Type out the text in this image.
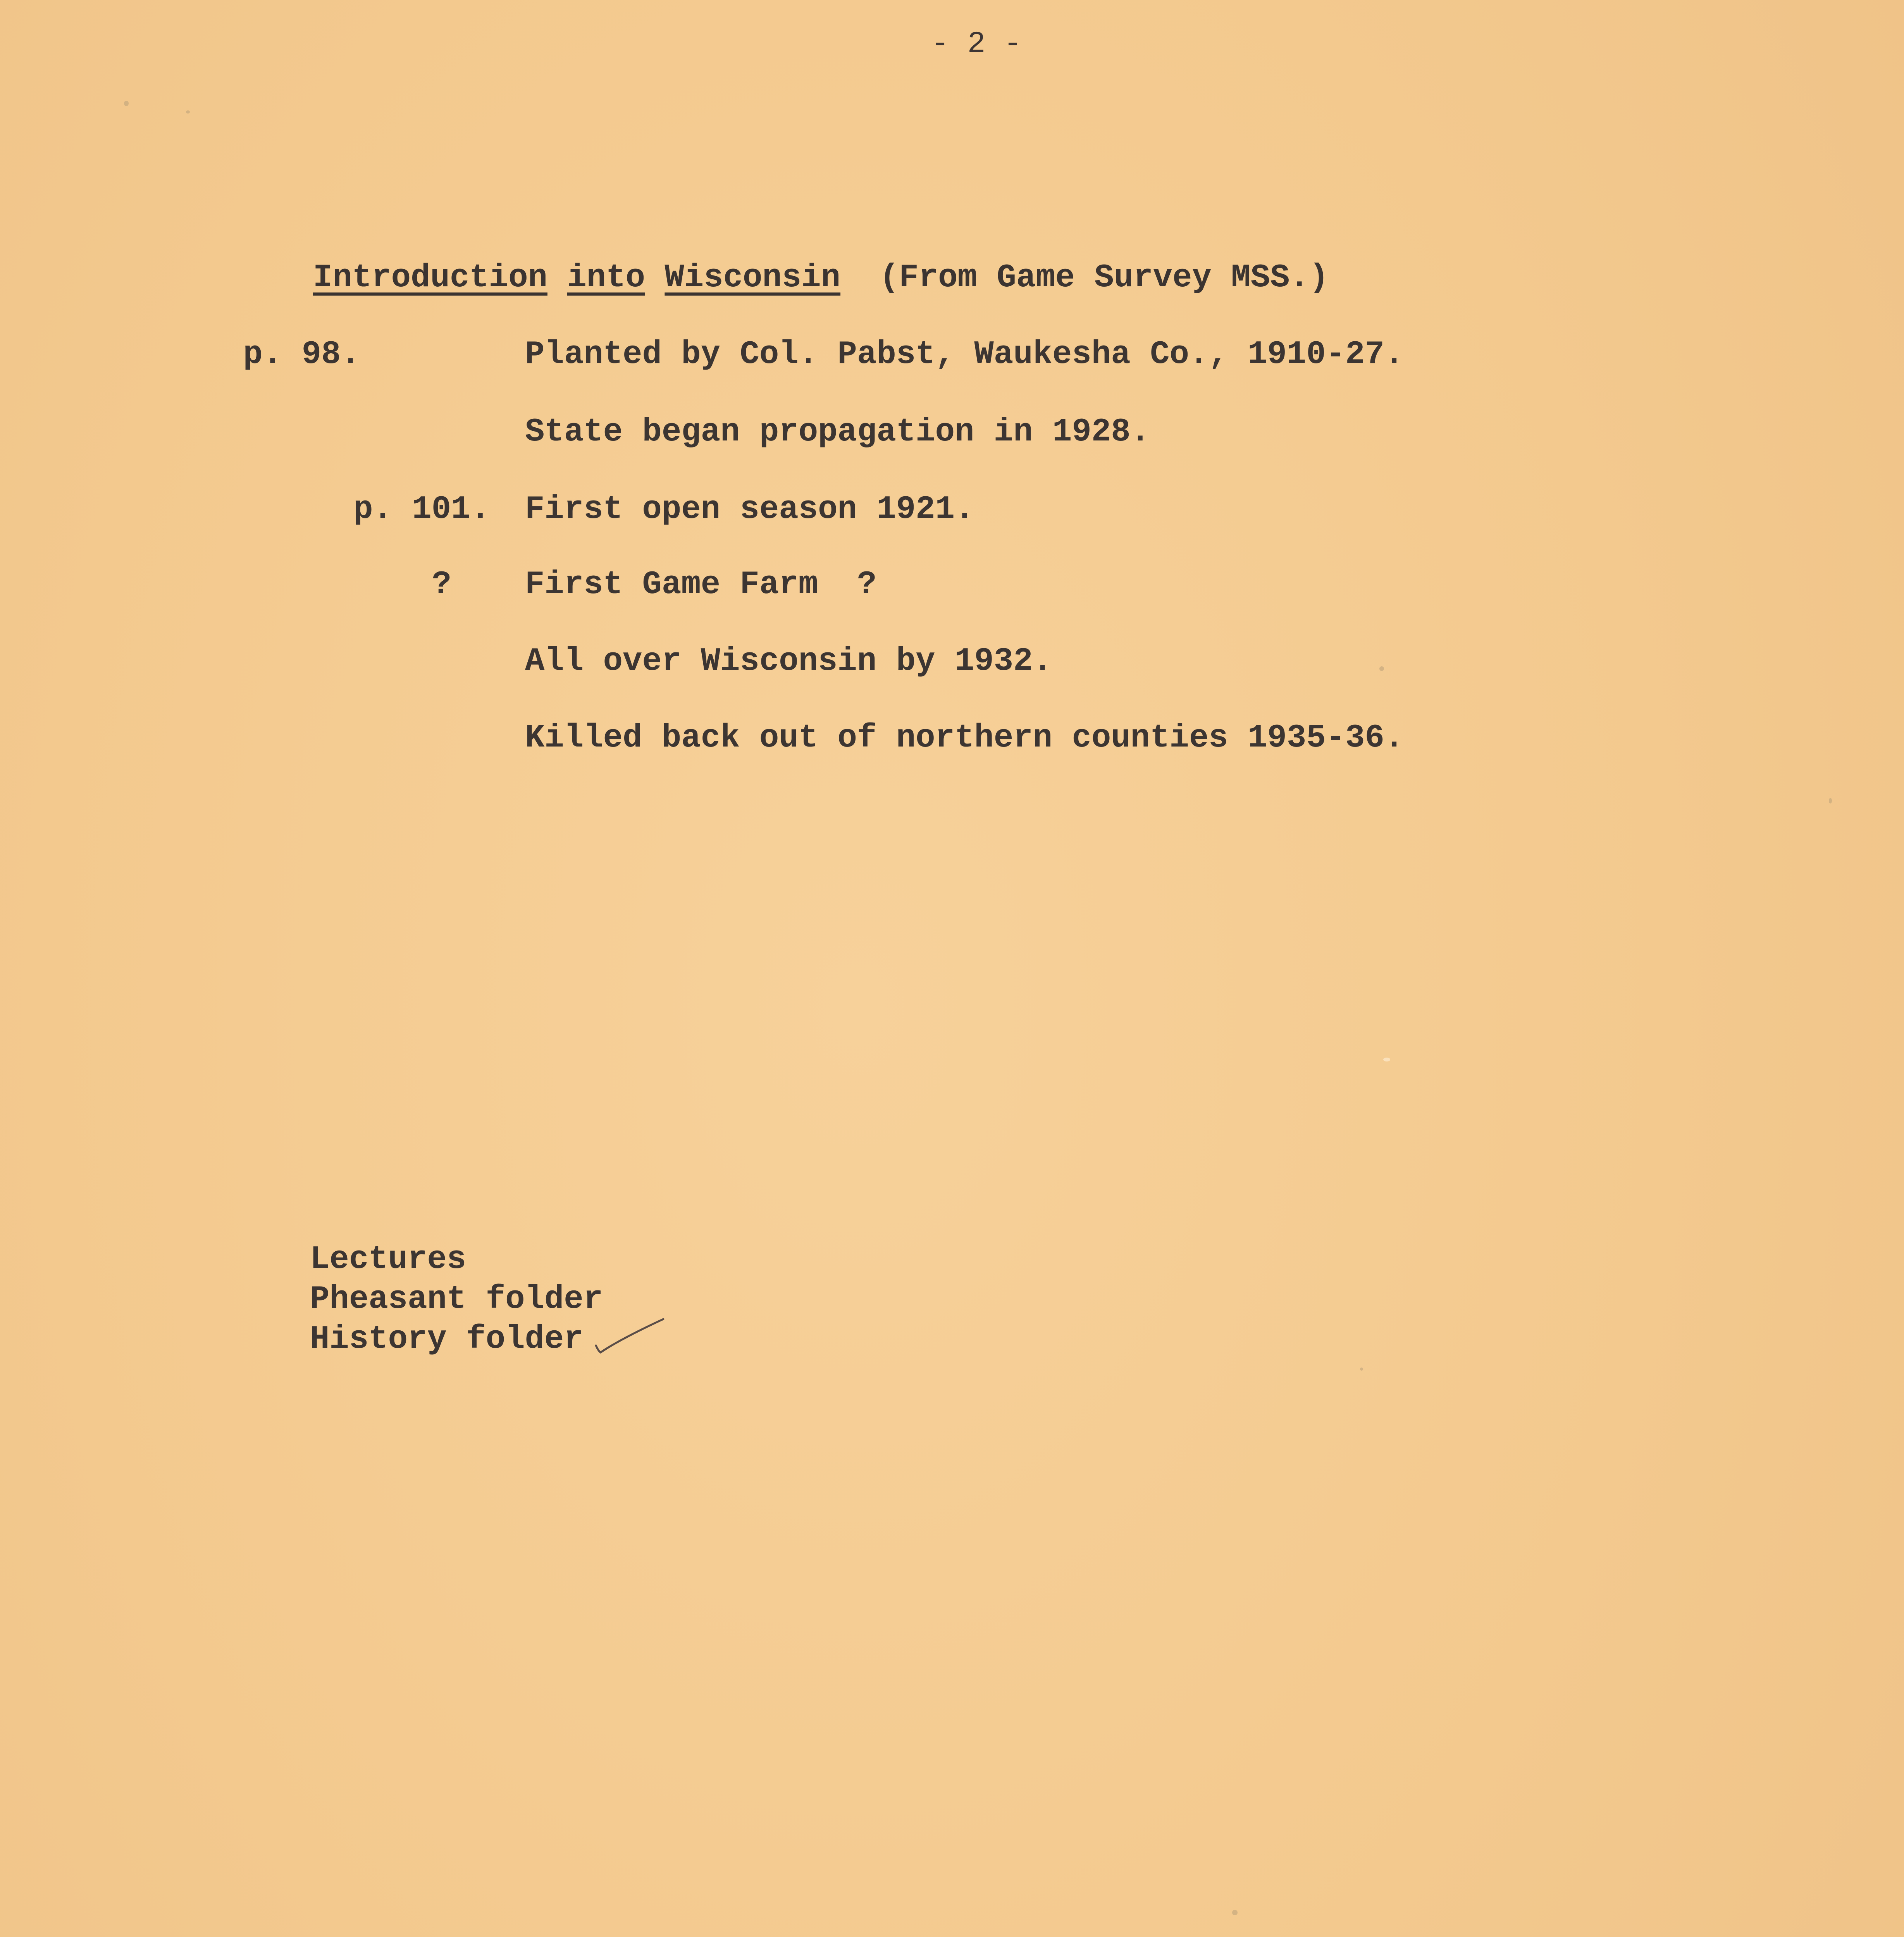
- 2 -
Introduction into Wisconsin (From Game Survey MSS.)
p. 98.	Planted by Col. Pabst, Waukesha Co., 1910-27.
State began propagation in 1928.
p. 101. First open season 1921.
? First Game Farm  ?
All over Wisconsin by 1932.
Killed back out of northern counties 1935-36.
Lectures
Pheasant folder
History folder
